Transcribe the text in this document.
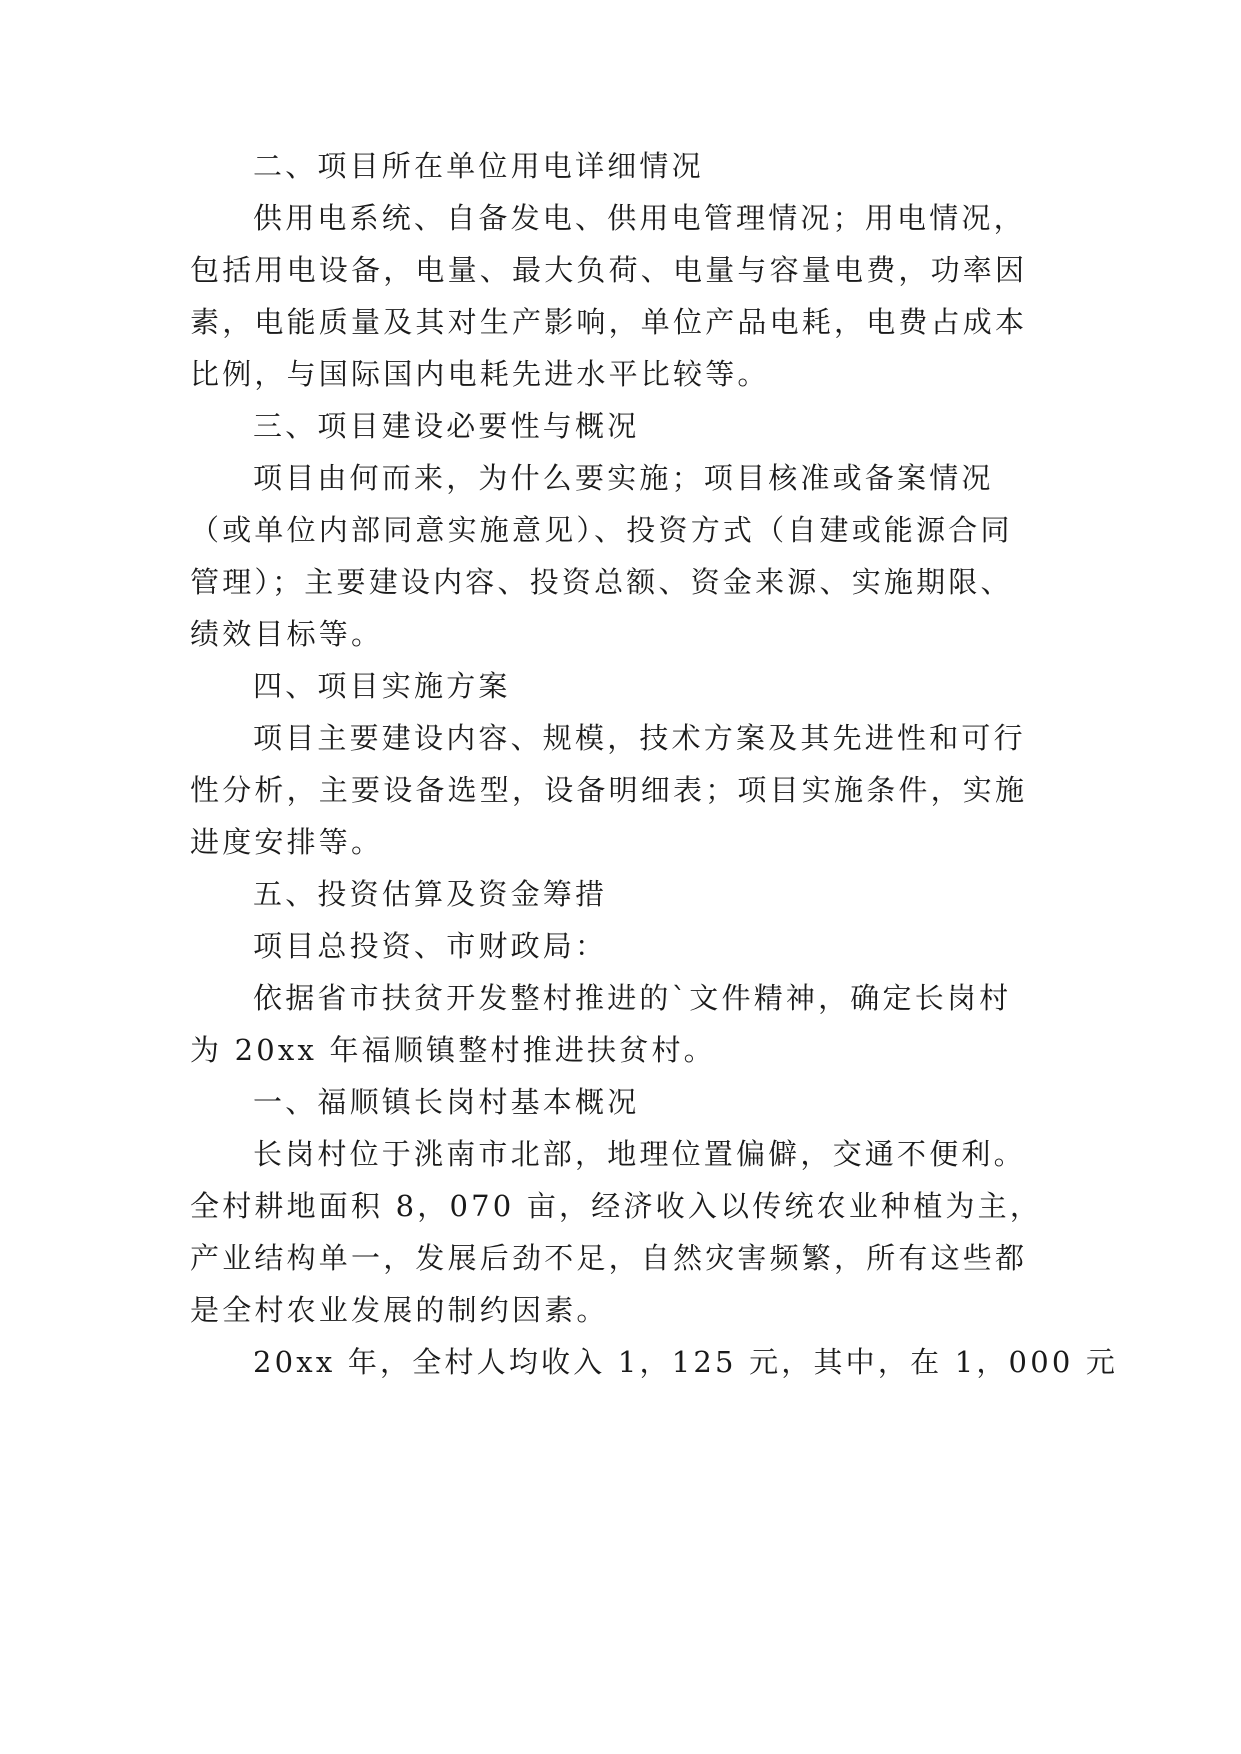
二、项目所在单位用电详细情况
供用电系统、自备发电、供用电管理情况；用电情况，
包括用电设备，电量、最大负荷、电量与容量电费，功率因
素，电能质量及其对生产影响，单位产品电耗，电费占成本
比例，与国际国内电耗先进水平比较等。
三、项目建设必要性与概况
项目由何而来，为什么要实施；项目核准或备案情况
（或单位内部同意实施意见）、投资方式（自建或能源合同
管理）；主要建设内容、投资总额、资金来源、实施期限、
绩效目标等。
四、项目实施方案
项目主要建设内容、规模，技术方案及其先进性和可行
性分析，主要设备选型，设备明细表；项目实施条件，实施
进度安排等。
五、投资估算及资金筹措
项目总投资、市财政局：
依据省市扶贫开发整村推进的`文件精神，确定长岗村
为 20xx 年福顺镇整村推进扶贫村。
一、福顺镇长岗村基本概况
长岗村位于洮南市北部，地理位置偏僻，交通不便利。
全村耕地面积 8，070 亩，经济收入以传统农业种植为主，
产业结构单一，发展后劲不足，自然灾害频繁，所有这些都
是全村农业发展的制约因素。
20xx 年，全村人均收入 1，125 元，其中，在 1，000 元
